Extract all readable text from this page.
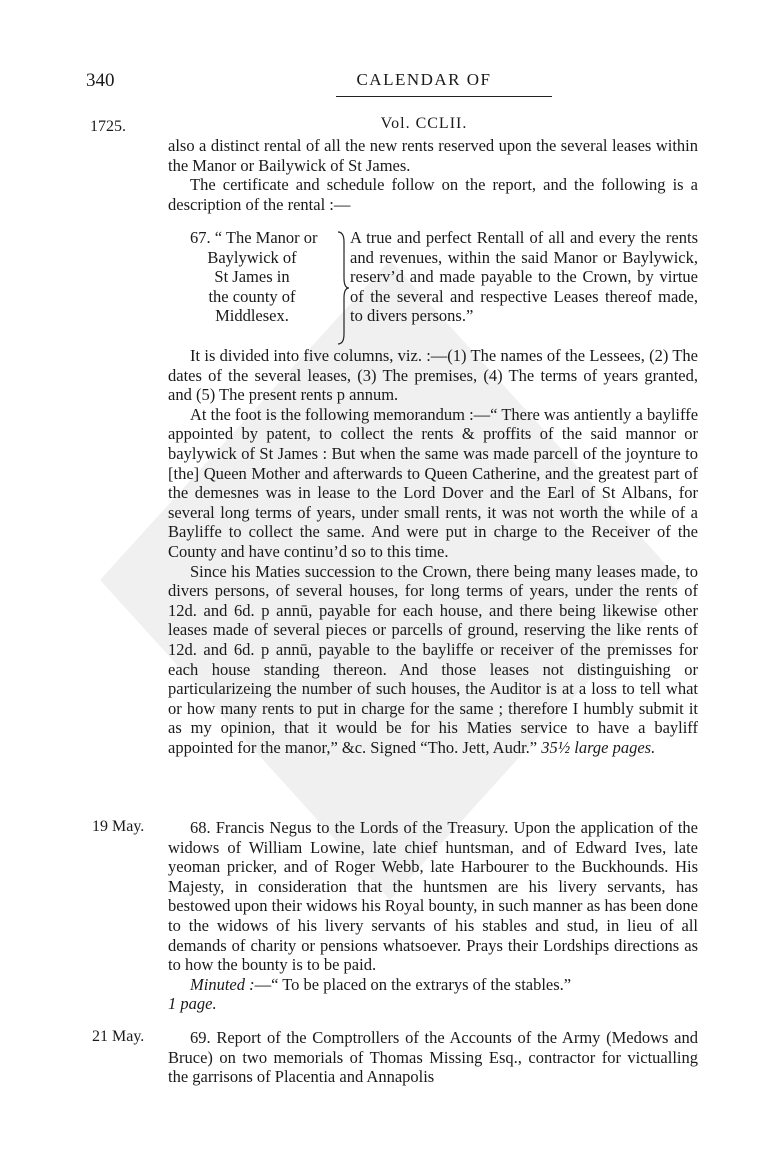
340	CALENDAR OF
1725.	Vol. CCLII.

also a distinct rental of all the new rents reserved upon the several leases within the Manor or Bailywick of St James.

The certificate and schedule follow on the report, and the following is a description of the rental :—

67. “ The Manor or
Baylywick of
St James in
the county of
Middlesex.
A true and perfect Rentall of all and every the rents and revenues, within the said Manor or Baylywick, reserv’d and made payable to the Crown, by virtue of the several and respective Leases thereof made, to divers persons.”

It is divided into five columns, viz. :—(1) The names of the Lessees, (2) The dates of the several leases, (3) The premises, (4) The terms of years granted, and (5) The present rents p annum.

At the foot is the following memorandum :—“ There was antiently a bayliffe appointed by patent, to collect the rents & proffits of the said mannor or baylywick of St James : But when the same was made parcell of the joynture to [the] Queen Mother and afterwards to Queen Catherine, and the greatest part of the demesnes was in lease to the Lord Dover and the Earl of St Albans, for several long terms of years, under small rents, it was not worth the while of a Bayliffe to collect the same. And were put in charge to the Receiver of the County and have continu’d so to this time.

Since his Maties succession to the Crown, there being many leases made, to divers persons, of several houses, for long terms of years, under the rents of 12d. and 6d. p annū, payable for each house, and there being likewise other leases made of several pieces or parcells of ground, reserving the like rents of 12d. and 6d. p annū, payable to the bayliffe or receiver of the premisses for each house standing thereon. And those leases not distinguishing or particularizeing the number of such houses, the Auditor is at a loss to tell what or how many rents to put in charge for the same ; therefore I humbly submit it as my opinion, that it would be for his Maties service to have a bayliff appointed for the manor,” &c. Signed “Tho. Jett, Audr.” 35½ large pages.

19 May.	68. Francis Negus to the Lords of the Treasury. Upon the application of the widows of William Lowine, late chief huntsman, and of Edward Ives, late yeoman pricker, and of Roger Webb, late Harbourer to the Buckhounds. His Majesty, in consideration that the huntsmen are his livery servants, has bestowed upon their widows his Royal bounty, in such manner as has been done to the widows of his livery servants of his stables and stud, in lieu of all demands of charity or pensions whatsoever. Prays their Lordships directions as to how the bounty is to be paid.

Minuted :—“ To be placed on the extrarys of the stables.”

1 page.

21 May.	69. Report of the Comptrollers of the Accounts of the Army (Medows and Bruce) on two memorials of Thomas Missing Esq., contractor for victualling the garrisons of Placentia and Annapolis
